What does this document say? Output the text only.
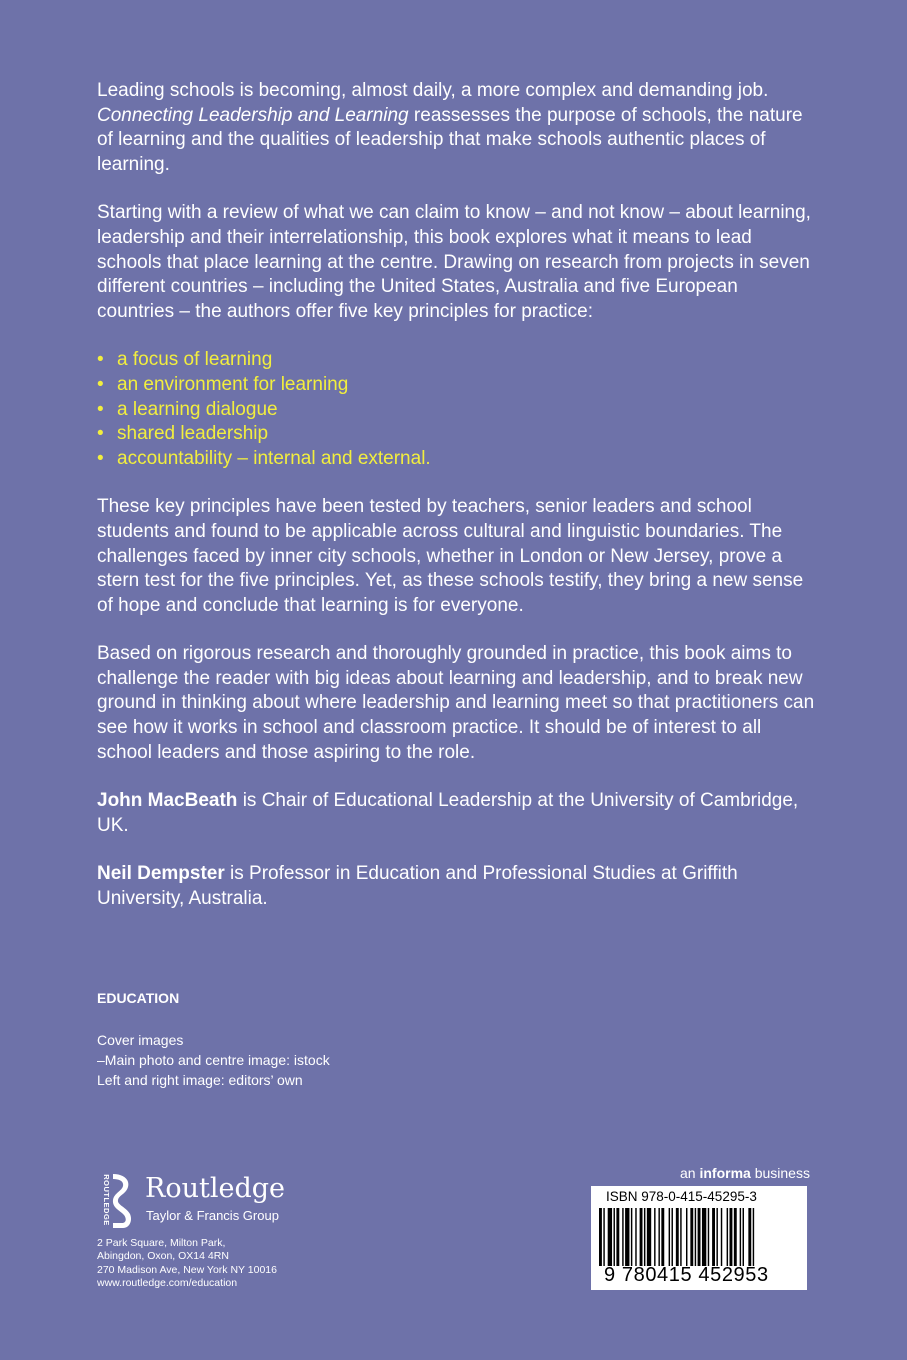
Leading schools is becoming, almost daily, a more complex and demanding job. Connecting Leadership and Learning reassesses the purpose of schools, the nature of learning and the qualities of leadership that make schools authentic places of learning.

Starting with a review of what we can claim to know – and not know – about learning, leadership and their interrelationship, this book explores what it means to lead schools that place learning at the centre. Drawing on research from projects in seven different countries – including the United States, Australia and five European countries – the authors offer five key principles for practice:

• a focus of learning
• an environment for learning
• a learning dialogue
• shared leadership
• accountability – internal and external.

These key principles have been tested by teachers, senior leaders and school students and found to be applicable across cultural and linguistic boundaries. The challenges faced by inner city schools, whether in London or New Jersey, prove a stern test for the five principles. Yet, as these schools testify, they bring a new sense of hope and conclude that learning is for everyone.

Based on rigorous research and thoroughly grounded in practice, this book aims to challenge the reader with big ideas about learning and leadership, and to break new ground in thinking about where leadership and learning meet so that practitioners can see how it works in school and classroom practice. It should be of interest to all school leaders and those aspiring to the role.

John MacBeath is Chair of Educational Leadership at the University of Cambridge, UK.

Neil Dempster is Professor in Education and Professional Studies at Griffith University, Australia.

EDUCATION
Cover images
–Main photo and centre image: istock
Left and right image: editors’ own
ROUTLEDGE Routledge
Taylor & Francis Group
2 Park Square, Milton Park,
Abingdon, Oxon, OX14 4RN
270 Madison Ave, New York NY 10016
www.routledge.com/education
an informa business
ISBN 978-0-415-45295-3
9 780415 452953
